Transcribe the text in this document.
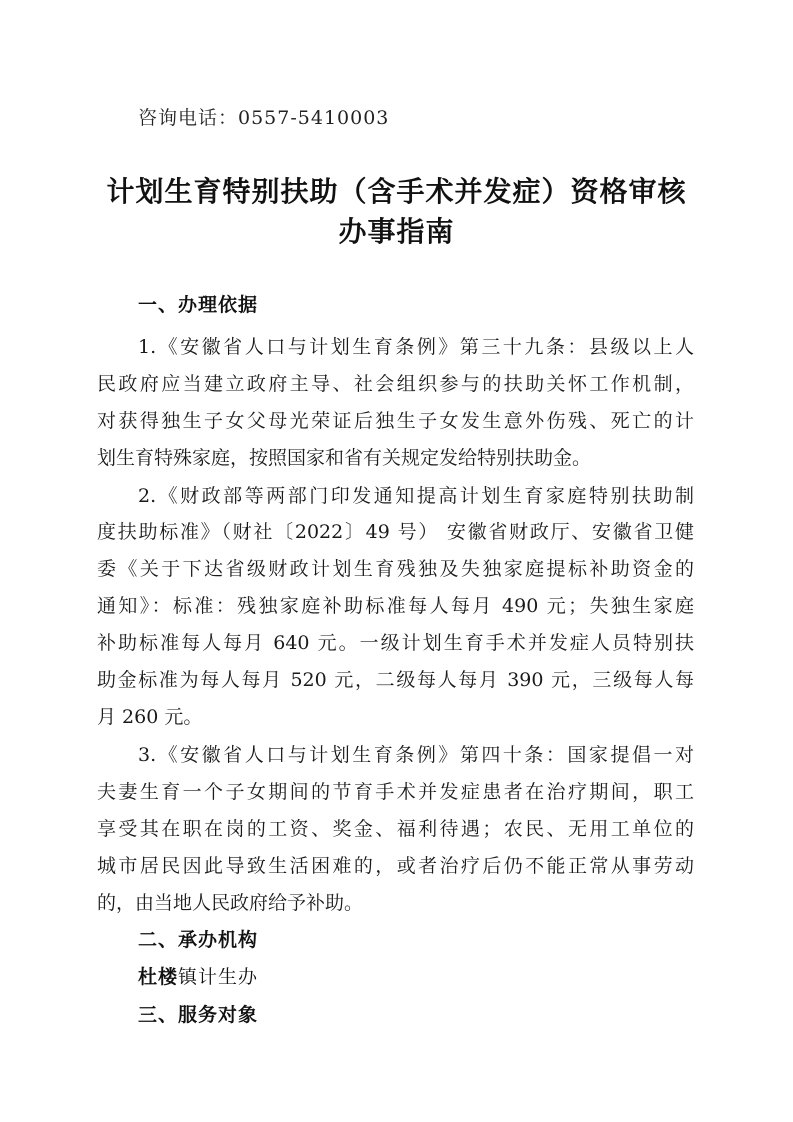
咨询电话：0557-5410003
计划生育特别扶助（含手术并发症）资格审核
办事指南
一、办理依据
1.《安徽省人口与计划生育条例》第三十九条：县级以上人
民政府应当建立政府主导、社会组织参与的扶助关怀工作机制，
对获得独生子女父母光荣证后独生子女发生意外伤残、死亡的计
划生育特殊家庭，按照国家和省有关规定发给特别扶助金。
2.《财政部等两部门印发通知提高计划生育家庭特别扶助制
度扶助标准》（财社〔2022〕49 号） 安徽省财政厅、安徽省卫健
委《关于下达省级财政计划生育残独及失独家庭提标补助资金的
通知》：标准：残独家庭补助标准每人每月 490 元；失独生家庭
补助标准每人每月 640 元。一级计划生育手术并发症人员特别扶
助金标准为每人每月 520 元，二级每人每月 390 元，三级每人每
月 260 元。
3.《安徽省人口与计划生育条例》第四十条：国家提倡一对
夫妻生育一个子女期间的节育手术并发症患者在治疗期间，职工
享受其在职在岗的工资、奖金、福利待遇；农民、无用工单位的
城市居民因此导致生活困难的，或者治疗后仍不能正常从事劳动
的，由当地人民政府给予补助。
二、承办机构
杜楼镇计生办
三、服务对象
